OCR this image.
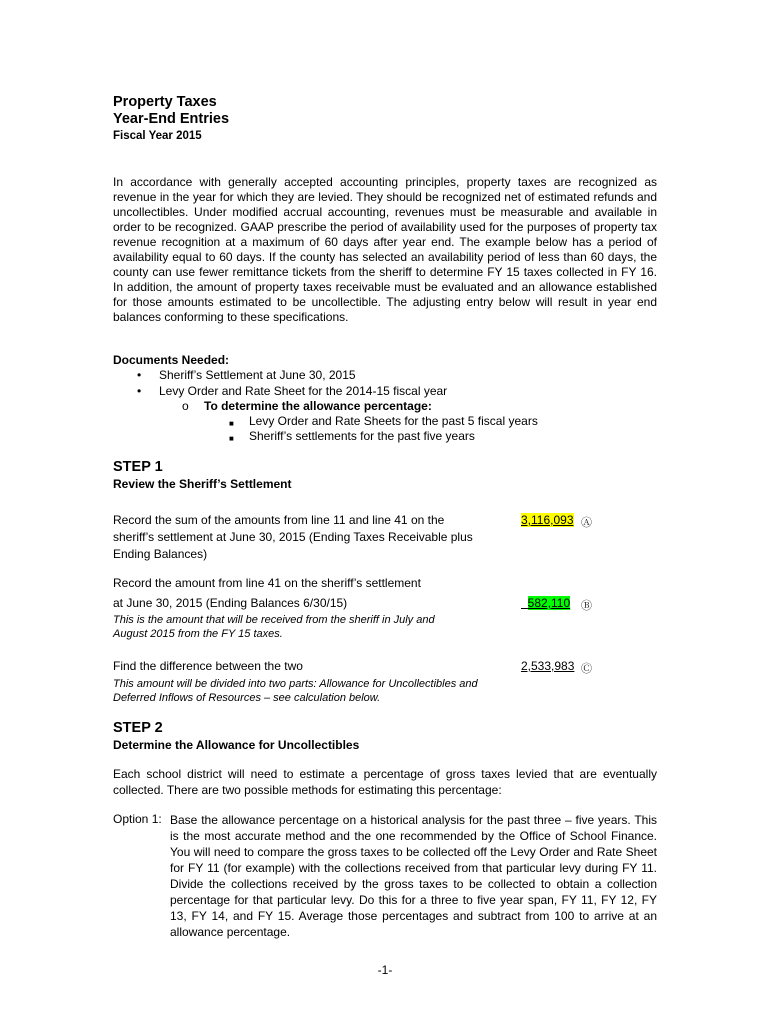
Property Taxes
Year-End Entries
Fiscal Year 2015
In accordance with generally accepted accounting principles, property taxes are recognized as revenue in the year for which they are levied. They should be recognized net of estimated refunds and uncollectibles. Under modified accrual accounting, revenues must be measurable and available in order to be recognized. GAAP prescribe the period of availability used for the purposes of property tax revenue recognition at a maximum of 60 days after year end. The example below has a period of availability equal to 60 days. If the county has selected an availability period of less than 60 days, the county can use fewer remittance tickets from the sheriff to determine FY 15 taxes collected in FY 16. In addition, the amount of property taxes receivable must be evaluated and an allowance established for those amounts estimated to be uncollectible. The adjusting entry below will result in year end balances conforming to these specifications.
Documents Needed:
• Sheriff’s Settlement at June 30, 2015
• Levy Order and Rate Sheet for the 2014-15 fiscal year
o To determine the allowance percentage:
■ Levy Order and Rate Sheets for the past 5 fiscal years
■ Sheriff’s settlements for the past five years
STEP 1
Review the Sheriff’s Settlement
Record the sum of the amounts from line 11 and line 41 on the sheriff’s settlement at June 30, 2015 (Ending Taxes Receivable plus Ending Balances)
3,116,093 Ⓐ
Record the amount from line 41 on the sheriff’s settlement
at June 30, 2015 (Ending Balances 6/30/15)
This is the amount that will be received from the sheriff in July and August 2015 from the FY 15 taxes.
582,110 Ⓑ
Find the difference between the two
This amount will be divided into two parts: Allowance for Uncollectibles and Deferred Inflows of Resources – see calculation below.
2,533,983 Ⓒ
STEP 2
Determine the Allowance for Uncollectibles
Each school district will need to estimate a percentage of gross taxes levied that are eventually collected. There are two possible methods for estimating this percentage:
Option 1: Base the allowance percentage on a historical analysis for the past three – five years. This is the most accurate method and the one recommended by the Office of School Finance. You will need to compare the gross taxes to be collected off the Levy Order and Rate Sheet for FY 11 (for example) with the collections received from that particular levy during FY 11. Divide the collections received by the gross taxes to be collected to obtain a collection percentage for that particular levy. Do this for a three to five year span, FY 11, FY 12, FY 13, FY 14, and FY 15. Average those percentages and subtract from 100 to arrive at an allowance percentage.
-1-
